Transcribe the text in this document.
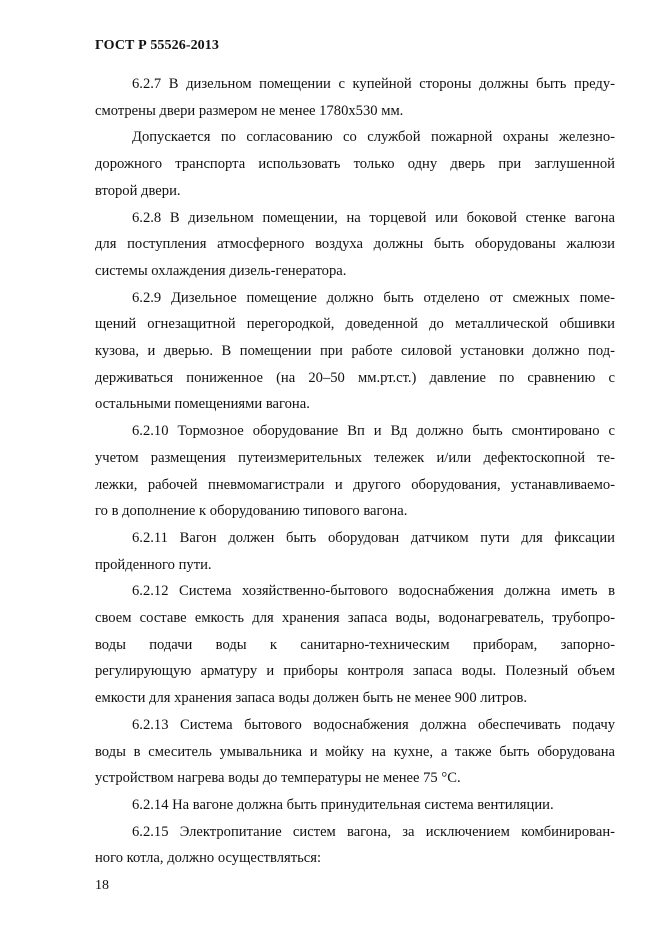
ГОСТ Р 55526-2013
6.2.7 В дизельном помещении с купейной стороны должны быть преду-
смотрены двери размером не менее 1780х530 мм.
Допускается по согласованию со службой пожарной охраны железно-
дорожного транспорта использовать только одну дверь при заглушенной
второй двери.
6.2.8 В дизельном помещении, на торцевой или боковой стенке вагона
для поступления атмосферного воздуха должны быть оборудованы жалюзи
системы охлаждения дизель-генератора.
6.2.9 Дизельное помещение должно быть отделено от смежных поме-
щений огнезащитной перегородкой, доведенной до металлической обшивки
кузова, и дверью. В помещении при работе силовой установки должно под-
держиваться пониженное (на 20–50 мм.рт.ст.) давление по сравнению с
остальными помещениями вагона.
6.2.10 Тормозное оборудование Вп и Вд должно быть смонтировано с
учетом размещения путеизмерительных тележек и/или дефектоскопной те-
лежки, рабочей пневмомагистрали и другого оборудования, устанавливаемо-
го в дополнение к оборудованию типового вагона.
6.2.11 Вагон должен быть оборудован датчиком пути для фиксации
пройденного пути.
6.2.12 Система хозяйственно-бытового водоснабжения должна иметь в
своем составе емкость для хранения запаса воды, водонагреватель, трубопро-
воды подачи воды к санитарно-техническим приборам, запорно-
регулирующую арматуру и приборы контроля запаса воды. Полезный объем
емкости для хранения запаса воды должен быть не менее 900 литров.
6.2.13 Система бытового водоснабжения должна обеспечивать подачу
воды в смеситель умывальника и мойку на кухне, а также быть оборудована
устройством нагрева воды до температуры не менее 75 °С.
6.2.14 На вагоне должна быть принудительная система вентиляции.
6.2.15 Электропитание систем вагона, за исключением комбинирован-
ного котла, должно осуществляться:
18
